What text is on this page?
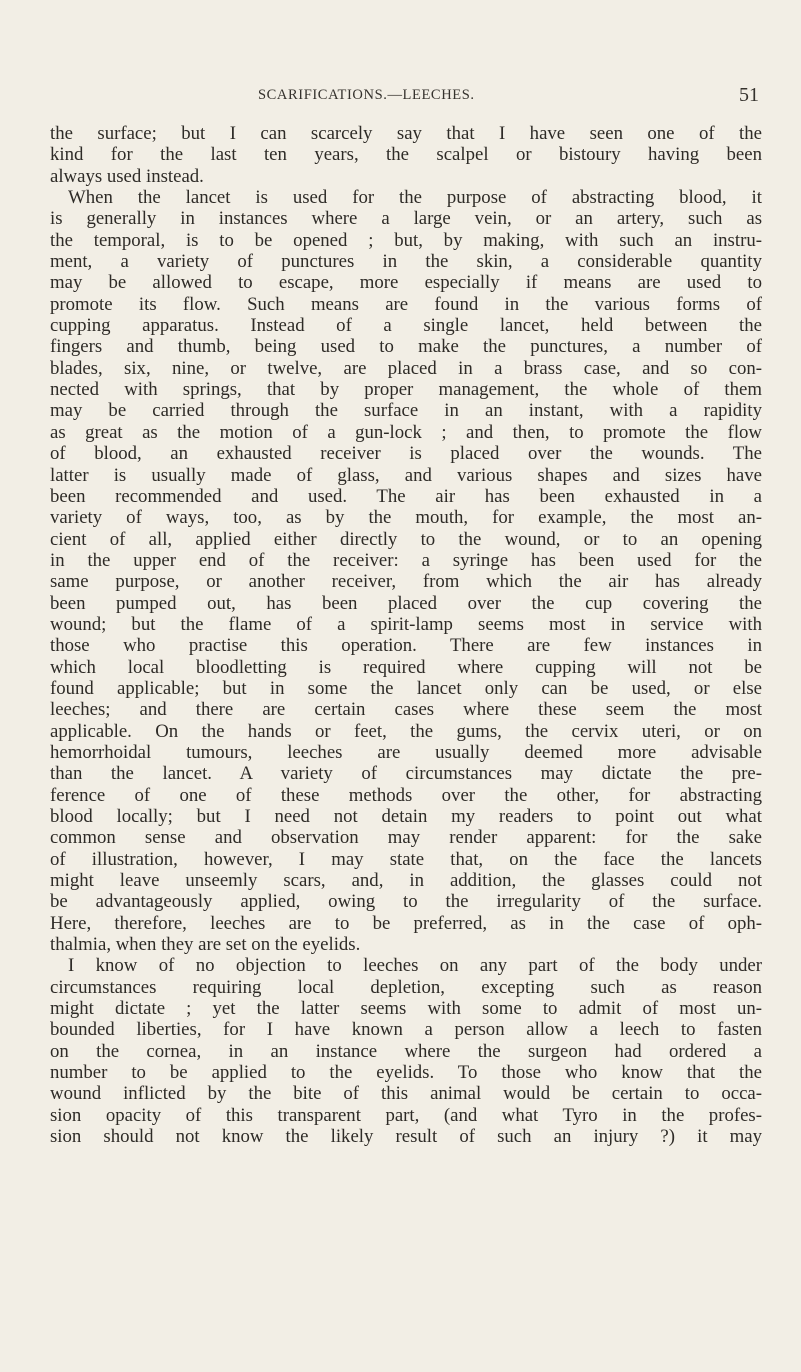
SCARIFICATIONS.—LEECHES.	51
the surface; but I can scarcely say that I have seen one of the
kind for the last ten years, the scalpel or bistoury having been
always used instead.
When the lancet is used for the purpose of abstracting blood, it
is generally in instances where a large vein, or an artery, such as
the temporal, is to be opened ; but, by making, with such an instru-
ment, a variety of punctures in the skin, a considerable quantity
may be allowed to escape, more especially if means are used to
promote its flow. Such means are found in the various forms of
cupping apparatus. Instead of a single lancet, held between the
fingers and thumb, being used to make the punctures, a number of
blades, six, nine, or twelve, are placed in a brass case, and so con-
nected with springs, that by proper management, the whole of them
may be carried through the surface in an instant, with a rapidity
as great as the motion of a gun-lock ; and then, to promote the flow
of blood, an exhausted receiver is placed over the wounds. The
latter is usually made of glass, and various shapes and sizes have
been recommended and used. The air has been exhausted in a
variety of ways, too, as by the mouth, for example, the most an-
cient of all, applied either directly to the wound, or to an opening
in the upper end of the receiver: a syringe has been used for the
same purpose, or another receiver, from which the air has already
been pumped out, has been placed over the cup covering the
wound; but the flame of a spirit-lamp seems most in service with
those who practise this operation. There are few instances in
which local bloodletting is required where cupping will not be
found applicable; but in some the lancet only can be used, or else
leeches; and there are certain cases where these seem the most
applicable. On the hands or feet, the gums, the cervix uteri, or on
hemorrhoidal tumours, leeches are usually deemed more advisable
than the lancet. A variety of circumstances may dictate the pre-
ference of one of these methods over the other, for abstracting
blood locally; but I need not detain my readers to point out what
common sense and observation may render apparent: for the sake
of illustration, however, I may state that, on the face the lancets
might leave unseemly scars, and, in addition, the glasses could not
be advantageously applied, owing to the irregularity of the surface.
Here, therefore, leeches are to be preferred, as in the case of oph-
thalmia, when they are set on the eyelids.
I know of no objection to leeches on any part of the body under
circumstances requiring local depletion, excepting such as reason
might dictate ; yet the latter seems with some to admit of most un-
bounded liberties, for I have known a person allow a leech to fasten
on the cornea, in an instance where the surgeon had ordered a
number to be applied to the eyelids. To those who know that the
wound inflicted by the bite of this animal would be certain to occa-
sion opacity of this transparent part, (and what Tyro in the profes-
sion should not know the likely result of such an injury ?) it may
